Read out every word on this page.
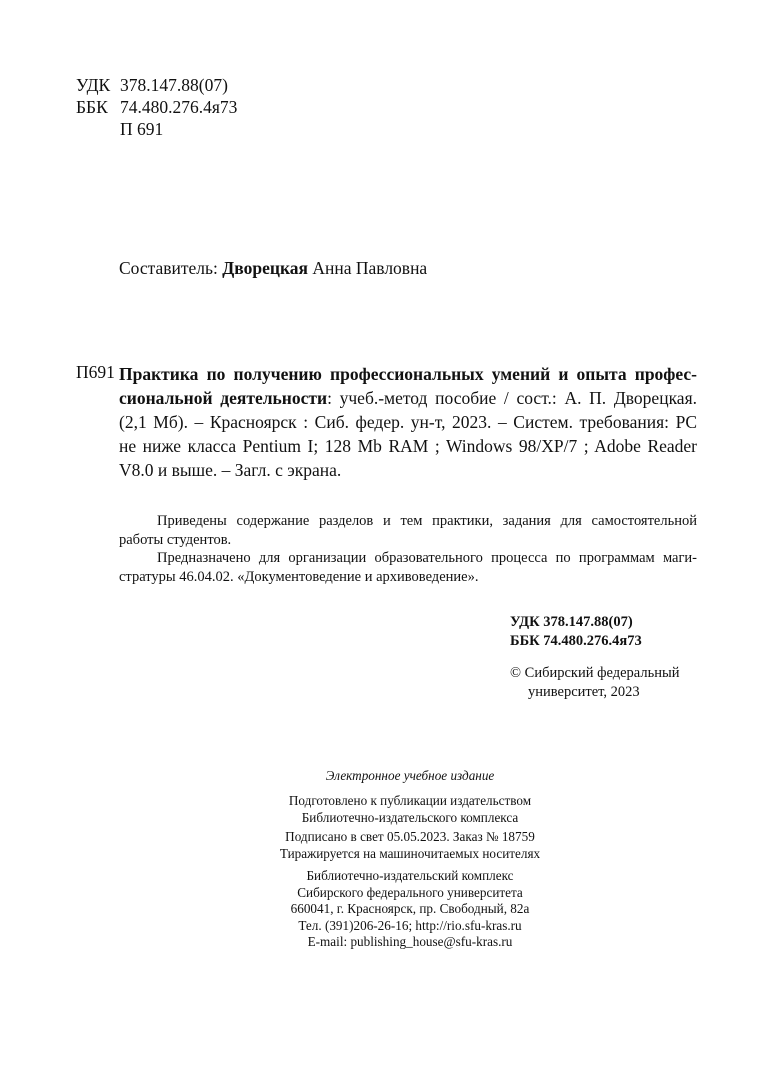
УДК 378.147.88(07)
ББК 74.480.276.4я73
П 691
Составитель: Дворецкая Анна Павловна
П691 Практика по получению профессиональных умений и опыта профес-
сиональной деятельности: учеб.-метод пособие / сост.: А. П. Дворецкая.
(2,1 Мб). – Красноярск : Сиб. федер. ун-т, 2023. – Систем. требования: PC
не ниже класса Pentium I; 128 Mb RAM ; Windows 98/XP/7 ; Adobe Reader
V8.0 и выше. – Загл. с экрана.
Приведены содержание разделов и тем практики, задания для самостоятельной
работы студентов.
Предназначено для организации образовательного процесса по программам маги-
стратуры 46.04.02. «Документоведение и архивоведение».
УДК 378.147.88(07)
ББК 74.480.276.4я73
© Сибирский федеральный
университет, 2023
Электронное учебное издание
Подготовлено к публикации издательством
Библиотечно-издательского комплекса
Подписано в свет 05.05.2023. Заказ № 18759
Тиражируется на машиночитаемых носителях
Библиотечно-издательский комплекс
Сибирского федерального университета
660041, г. Красноярск, пр. Свободный, 82а
Тел. (391)206-26-16; http://rio.sfu-kras.ru
E-mail: publishing_house@sfu-kras.ru
